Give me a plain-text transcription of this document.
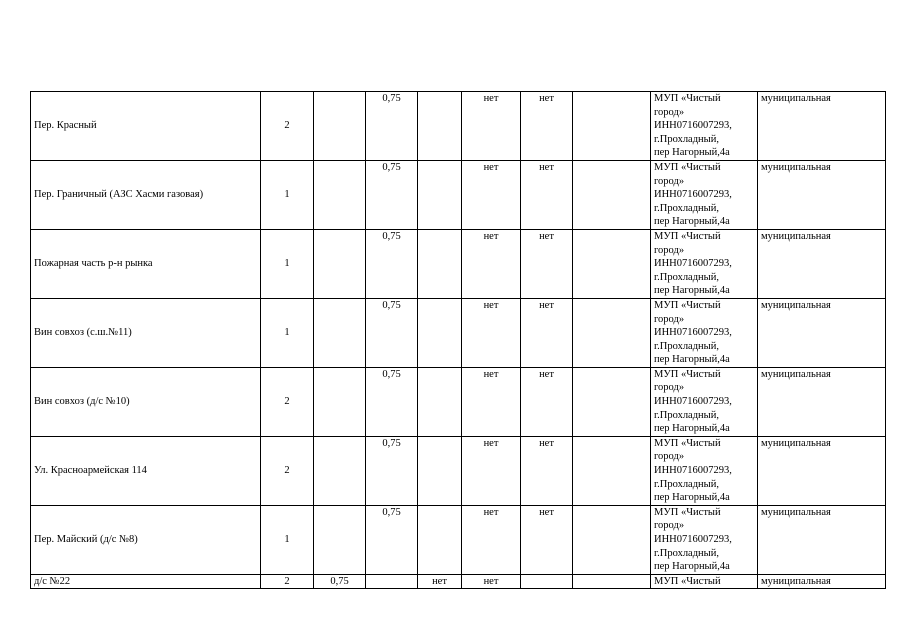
Пер. Красный	2		0,75		нет	нет		МУП «Чистый
город»
ИНН0716007293,
г.Прохладный,
пер Нагорный,4а	муниципальная
Пер. Граничный (АЗС Хасми газовая)	1		0,75		нет	нет		МУП «Чистый
город»
ИНН0716007293,
г.Прохладный,
пер Нагорный,4а	муниципальная
Пожарная часть р-н рынка	1		0,75		нет	нет		МУП «Чистый
город»
ИНН0716007293,
г.Прохладный,
пер Нагорный,4а	муниципальная
Вин совхоз (с.ш.№11)	1		0,75		нет	нет		МУП «Чистый
город»
ИНН0716007293,
г.Прохладный,
пер Нагорный,4а	муниципальная
Вин совхоз (д/с №10)	2		0,75		нет	нет		МУП «Чистый
город»
ИНН0716007293,
г.Прохладный,
пер Нагорный,4а	муниципальная
Ул. Красноармейская 114	2		0,75		нет	нет		МУП «Чистый
город»
ИНН0716007293,
г.Прохладный,
пер Нагорный,4а	муниципальная
Пер. Майский (д/с №8)	1		0,75		нет	нет		МУП «Чистый
город»
ИНН0716007293,
г.Прохладный,
пер Нагорный,4а	муниципальная
д/с №22	2	0,75		нет	нет			МУП «Чистый	муниципальная
